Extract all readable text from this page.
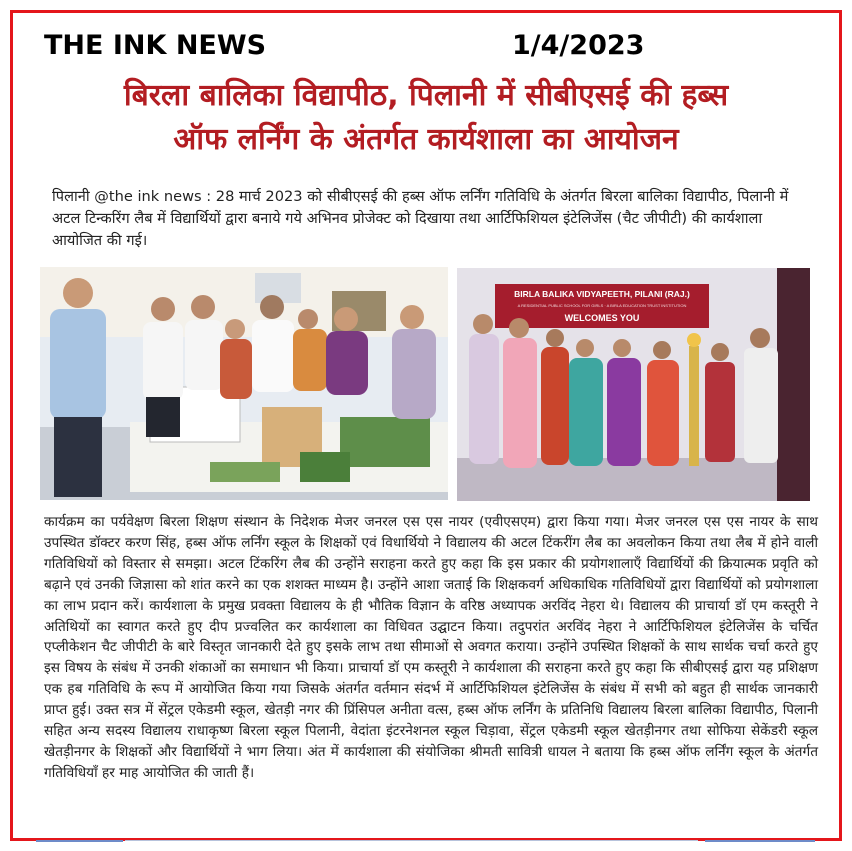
THE INK NEWS	1/4/2023
बिरला बालिका विद्यापीठ, पिलानी में सीबीएसई की हब्स
ऑफ लर्निंग के अंतर्गत कार्यशाला का आयोजन
पिलानी @the ink news : 28 मार्च 2023 को सीबीएसई की हब्स ऑफ लर्निंग गतिविधि के अंतर्गत बिरला बालिका विद्यापीठ, पिलानी में अटल टिन्करिंग लैब में विद्यार्थियों द्वारा बनाये गये अभिनव प्रोजेक्ट को दिखाया तथा आर्टिफिशियल इंटेलिजेंस (चैट जीपीटी) की कार्यशाला आयोजित की गई।
BIRLA BALIKA VIDYAPEETH, PILANI (RAJ.)
A RESIDENTIAL PUBLIC SCHOOL FOR GIRLS · A BIRLA EDUCATION TRUST INSTITUTION
WELCOMES YOU
कार्यक्रम का पर्यवेक्षण बिरला शिक्षण संस्थान के निदेशक मेजर जनरल एस एस नायर (एवीएसएम) द्वारा किया गया। मेजर जनरल एस एस नायर के साथ उपस्थित डॉक्टर करण सिंह, हब्स ऑफ लर्निंग स्कूल के शिक्षकों एवं विधार्थियो ने विद्यालय की अटल टिंकरींग लैब का अवलोकन किया तथा लैब में होने वाली गतिविधियों को विस्तार से समझा। अटल टिंकरिंग लैब की उन्होंने सराहना करते हुए कहा कि इस प्रकार की प्रयोगशालाएँ विद्यार्थियों की क्रियात्मक प्रवृति को बढ़ाने एवं उनकी जिज्ञासा को शांत करने का एक शशक्त माध्यम है। उन्होंने आशा जताई कि शिक्षकवर्ग अधिकाधिक गतिविधियों द्वारा विद्यार्थियों को प्रयोगशाला का लाभ प्रदान करें। कार्यशाला के प्रमुख प्रवक्ता विद्यालय के ही भौतिक विज्ञान के वरिष्ठ अध्यापक अरविंद नेहरा थे। विद्यालय की प्राचार्या डॉ एम कस्तूरी ने अतिथियों का स्वागत करते हुए दीप प्रज्वलित कर कार्यशाला का विधिवत उद्घाटन किया। तदुपरांत अरविंद नेहरा ने आर्टिफिशियल इंटेलिजेंस के चर्चित एप्लीकेशन चैट जीपीटी के बारे विस्तृत जानकारी देते हुए इसके लाभ तथा सीमाओं से अवगत कराया। उन्होंने उपस्थित शिक्षकों के साथ सार्थक चर्चा करते हुए इस विषय के संबंध में उनकी शंकाओं का समाधान भी किया। प्राचार्या डॉ एम कस्तूरी ने कार्यशाला की सराहना करते हुए कहा कि सीबीएसई द्वारा यह प्रशिक्षण एक हब गतिविधि के रूप में आयोजित किया गया जिसके अंतर्गत वर्तमान संदर्भ में आर्टिफिशियल इंटेलिजेंस के संबंध में सभी को बहुत ही सार्थक जानकारी प्राप्त हुई। उक्त सत्र में सेंट्रल एकेडमी स्कूल, खेतड़ी नगर की प्रिंसिपल अनीता वत्स, हब्स ऑफ लर्निंग के प्रतिनिधि विद्यालय बिरला बालिका विद्यापीठ, पिलानी सहित अन्य सदस्य विद्यालय राधाकृष्ण बिरला स्कूल पिलानी, वेदांता इंटरनेशनल स्कूल चिड़ावा, सेंट्रल एकेडमी स्कूल खेतड़ीनगर तथा सोफिया सेकेंडरी स्कूल खेतड़ीनगर के शिक्षकों और विद्यार्थियों ने भाग लिया। अंत में कार्यशाला की संयोजिका श्रीमती सावित्री धायल ने बताया कि हब्स ऑफ लर्निंग स्कूल के अंतर्गत गतिविधियाँ हर माह आयोजित की जाती हैं।
